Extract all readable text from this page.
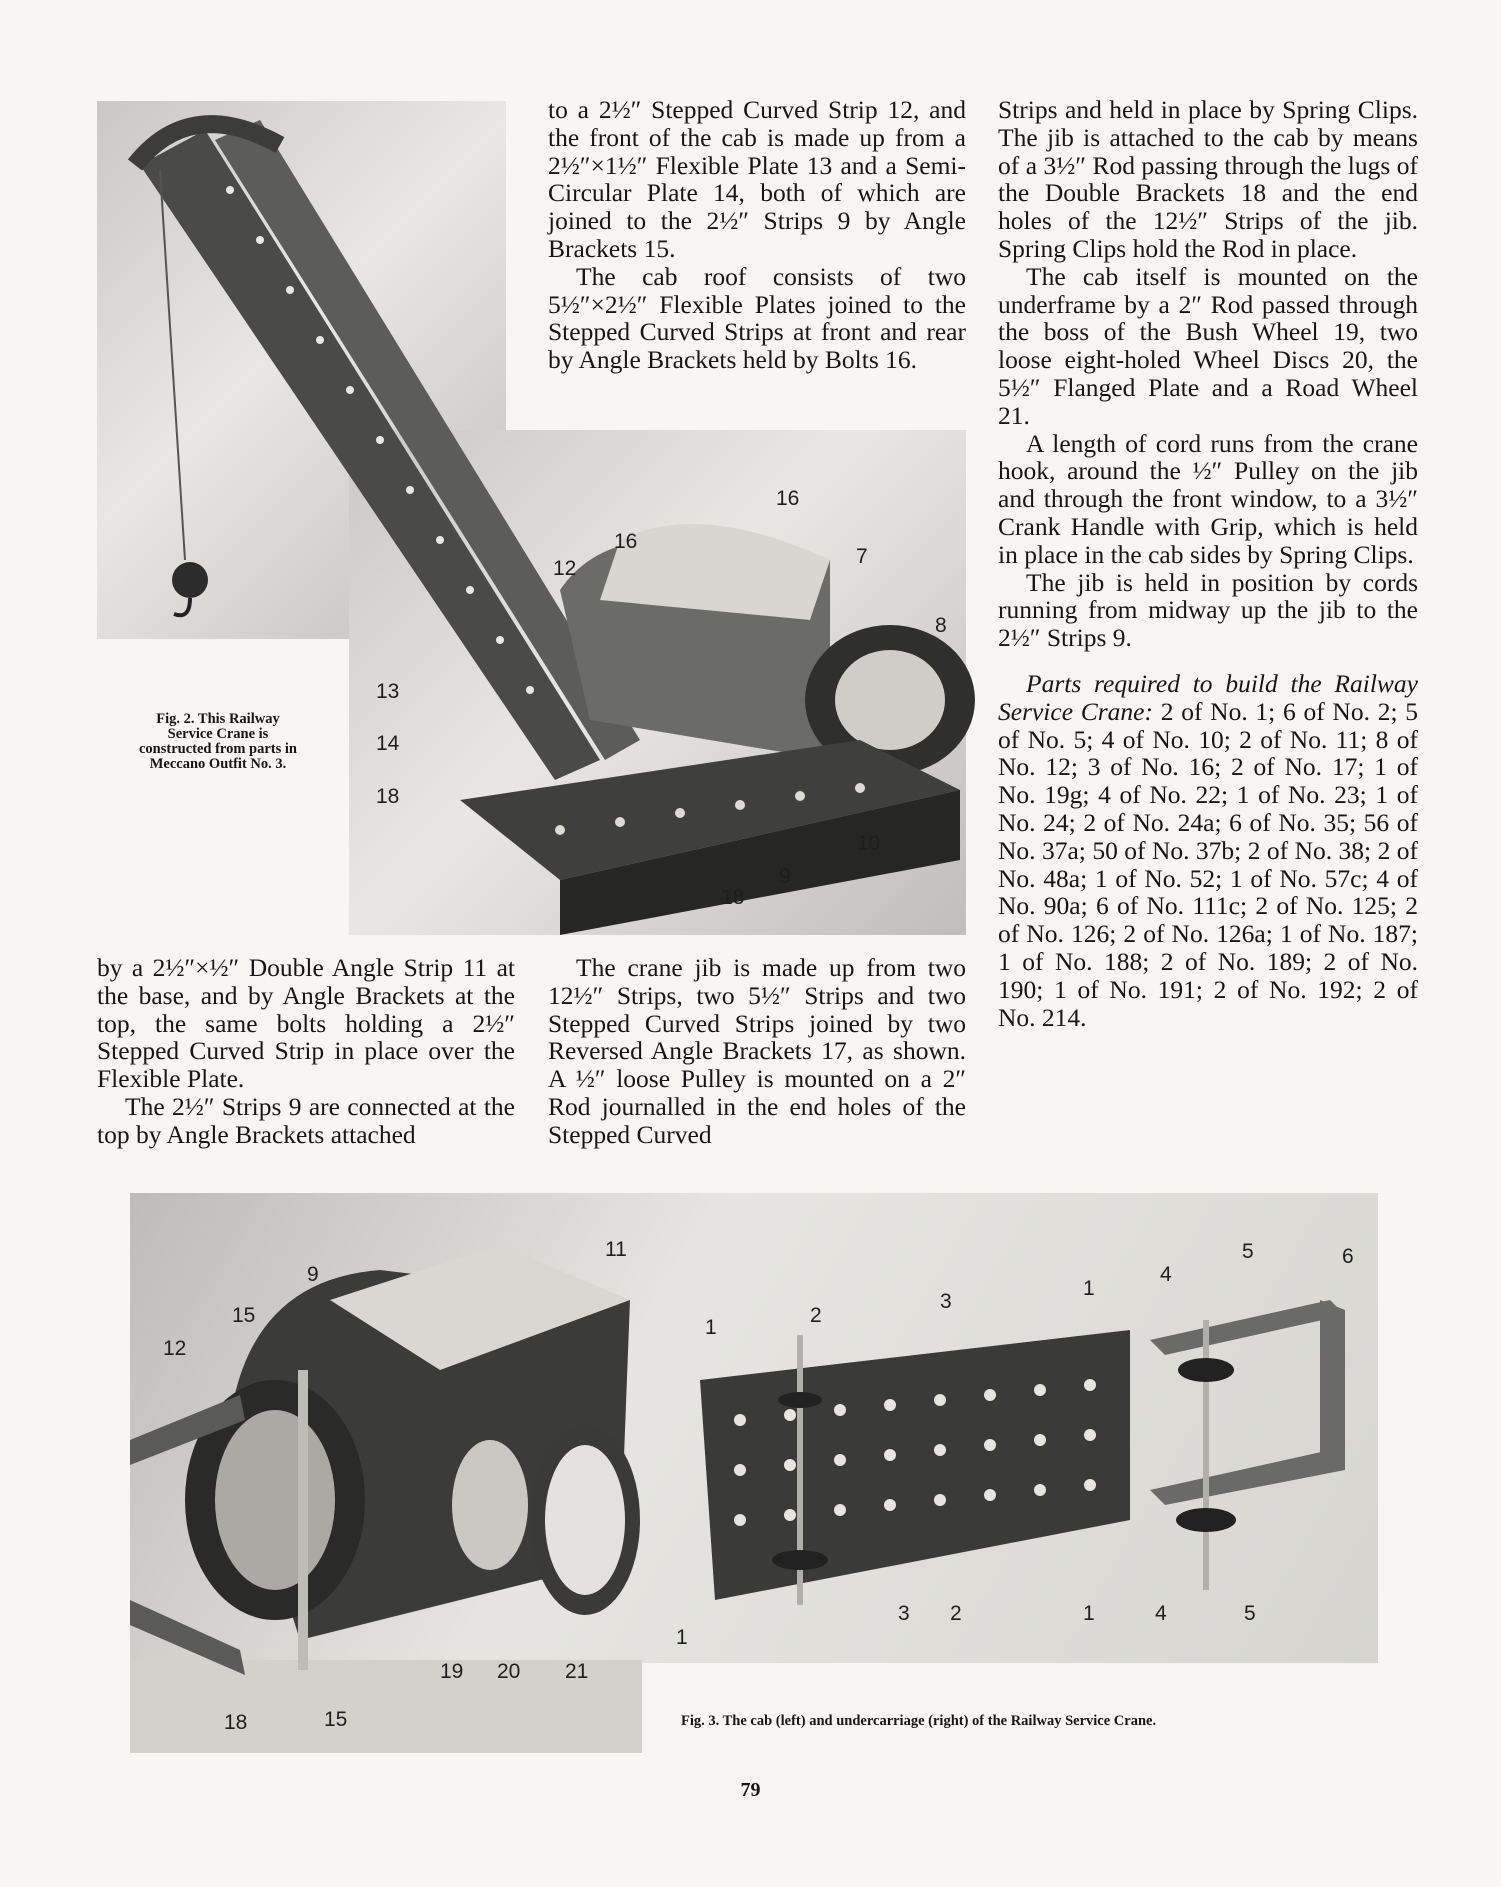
Fig. 2. This Railway Service Crane is constructed from parts in Meccano Outfit No. 3.
16
16
12
7
8
13
14
18
10
9
18

to a 2½″ Stepped Curved Strip 12, and the front of the cab is made up from a 2½″×1½″ Flexible Plate 13 and a Semi-Circular Plate 14, both of which are joined to the 2½″ Strips 9 by Angle Brackets 15.

The cab roof consists of two 5½″×2½″ Flexible Plates joined to the Stepped Curved Strips at front and rear by Angle Brackets held by Bolts 16.

Strips and held in place by Spring Clips. The jib is attached to the cab by means of a 3½″ Rod passing through the lugs of the Double Brackets 18 and the end holes of the 12½″ Strips of the jib. Spring Clips hold the Rod in place.

The cab itself is mounted on the underframe by a 2″ Rod passed through the boss of the Bush Wheel 19, two loose eight-holed Wheel Discs 20, the 5½″ Flanged Plate and a Road Wheel 21.

A length of cord runs from the crane hook, around the ½″ Pulley on the jib and through the front window, to a 3½″ Crank Handle with Grip, which is held in place in the cab sides by Spring Clips.

The jib is held in position by cords running from midway up the jib to the 2½″ Strips 9.

Parts required to build the Railway Service Crane: 2 of No. 1; 6 of No. 2; 5 of No. 5; 4 of No. 10; 2 of No. 11; 8 of No. 12; 3 of No. 16; 2 of No. 17; 1 of No. 19g; 4 of No. 22; 1 of No. 23; 1 of No. 24; 2 of No. 24a; 6 of No. 35; 56 of No. 37a; 50 of No. 37b; 2 of No. 38; 2 of No. 48a; 1 of No. 52; 1 of No. 57c; 4 of No. 90a; 6 of No. 111c; 2 of No. 125; 2 of No. 126; 2 of No. 126a; 1 of No. 187; 1 of No. 188; 2 of No. 189; 2 of No. 190; 1 of No. 191; 2 of No. 192; 2 of No. 214.

by a 2½″×½″ Double Angle Strip 11 at the base, and by Angle Brackets at the top, the same bolts holding a 2½″ Stepped Curved Strip in place over the Flexible Plate.

The 2½″ Strips 9 are connected at the top by Angle Brackets attached

The crane jib is made up from two 12½″ Strips, two 5½″ Strips and two Stepped Curved Strips joined by two Reversed Angle Brackets 17, as shown. A ½″ loose Pulley is mounted on a 2″ Rod journalled in the end holes of the Stepped Curved

9
11
15
12
19 20 21
18	15
5	6
4
1
3
2
1
3 2	1	4	5
1
Fig. 3. The cab (left) and undercarriage (right) of the Railway Service Crane.
79
